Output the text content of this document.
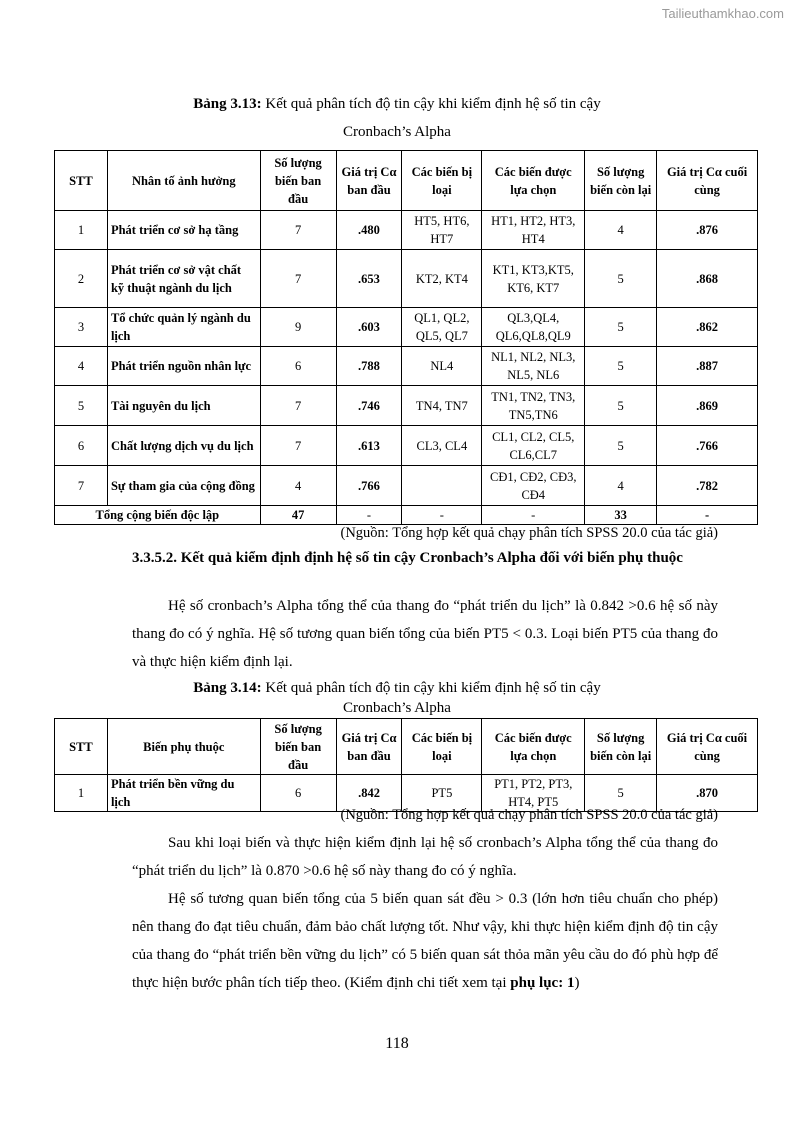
Tailieuthamkhao.com
Bảng 3.13: Kết quả phân tích độ tin cậy khi kiểm định hệ số tin cậy
Cronbach’s Alpha
STT	Nhân tố ảnh hưởng	Số lượng biến ban đầu	Giá trị Cα ban đầu	Các biến bị loại	Các biến được lựa chọn	Số lượng biến còn lại	Giá trị Cα cuối cùng
1	Phát triển cơ sở hạ tầng	7	.480	HT5, HT6, HT7	HT1, HT2, HT3, HT4	4	.876
2	Phát triển cơ sở vật chất kỹ thuật ngành du lịch	7	.653	KT2, KT4	KT1, KT3,KT5, KT6, KT7	5	.868
3	Tổ chức quản lý ngành du lịch	9	.603	QL1, QL2, QL5, QL7	QL3,QL4, QL6,QL8,QL9	5	.862
4	Phát triển nguồn nhân lực	6	.788	NL4	NL1, NL2, NL3, NL5, NL6	5	.887
5	Tài nguyên du lịch	7	.746	TN4, TN7	TN1, TN2, TN3, TN5,TN6	5	.869
6	Chất lượng dịch vụ du lịch	7	.613	CL3, CL4	CL1, CL2, CL5, CL6,CL7	5	.766
7	Sự tham gia của cộng đồng	4	.766		CĐ1, CĐ2, CĐ3, CĐ4	4	.782
Tổng cộng biến độc lập		47	-	-	-	33	-
(Nguồn: Tổng hợp kết quả chạy phân tích SPSS 20.0 của tác giả)
3.3.5.2. Kết quả kiểm định định hệ số tin cậy Cronbach’s Alpha đối với biến phụ thuộc
Hệ số cronbach’s Alpha tổng thể của thang đo “phát triển du lịch” là 0.842 >0.6 hệ số này thang đo có ý nghĩa. Hệ số tương quan biến tổng của biến PT5 < 0.3. Loại biến PT5 của thang đo và thực hiện kiểm định lại.
Bảng 3.14: Kết quả phân tích độ tin cậy khi kiểm định hệ số tin cậy
Cronbach’s Alpha
STT	Biến phụ thuộc	Số lượng biến ban đầu	Giá trị Cα ban đầu	Các biến bị loại	Các biến được lựa chọn	Số lượng biến còn lại	Giá trị Cα cuối cùng
1	Phát triển bền vững du lịch	6	.842	PT5	PT1, PT2, PT3, HT4, PT5	5	.870
(Nguồn: Tổng hợp kết quả chạy phân tích SPSS 20.0 của tác giả)
Sau khi loại biến và thực hiện kiểm định lại hệ số cronbach’s Alpha tổng thể của thang đo “phát triển du lịch” là 0.870 >0.6 hệ số này thang đo có ý nghĩa.
Hệ số tương quan biến tổng của 5 biến quan sát đều > 0.3 (lớn hơn tiêu chuẩn cho phép) nên thang đo đạt tiêu chuẩn, đảm bảo chất lượng tốt. Như vậy, khi thực hiện kiểm định độ tin cậy của thang đo “phát triển bền vững du lịch” có 5 biến quan sát thỏa mãn yêu cầu do đó phù hợp để thực hiện bước phân tích tiếp theo. (Kiểm định chi tiết xem tại phụ lục: 1)
118
